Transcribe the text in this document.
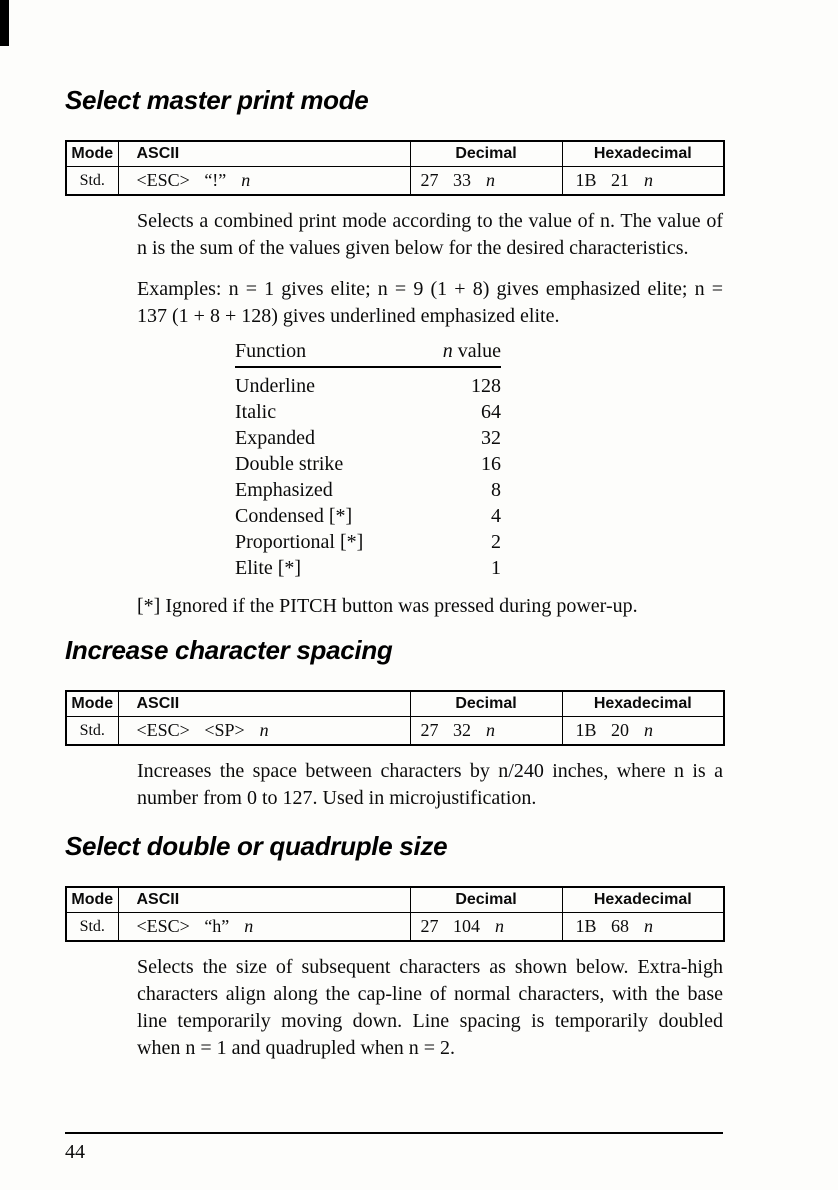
Select master print mode
Mode	ASCII	Decimal	Hexadecimal
Std.	<ESC> “!” n	27 33 n	1B 21 n

Selects a combined print mode according to the value of n. The value of n is the sum of the values given below for the desired characteristics.

Examples: n = 1 gives elite; n = 9 (1 + 8) gives emphasized elite; n = 137 (1 + 8 + 128) gives underlined emphasized elite.

Function	n value
Underline	128
Italic	64
Expanded	32
Double strike	16
Emphasized	8
Condensed [*]	4
Proportional [*]	2
Elite [*]	1

[*] Ignored if the PITCH button was pressed during power-up.

Increase character spacing
Mode	ASCII	Decimal	Hexadecimal
Std.	<ESC> <SP> n	27 32 n	1B 20 n

Increases the space between characters by n/240 inches, where n is a number from 0 to 127. Used in microjustification.

Select double or quadruple size
Mode	ASCII	Decimal	Hexadecimal
Std.	<ESC> “h” n	27 104 n	1B 68 n

Selects the size of subsequent characters as shown below. Extra-high characters align along the cap-line of normal characters, with the base line temporarily moving down. Line spacing is temporarily doubled when n = 1 and quadrupled when n = 2.

44
